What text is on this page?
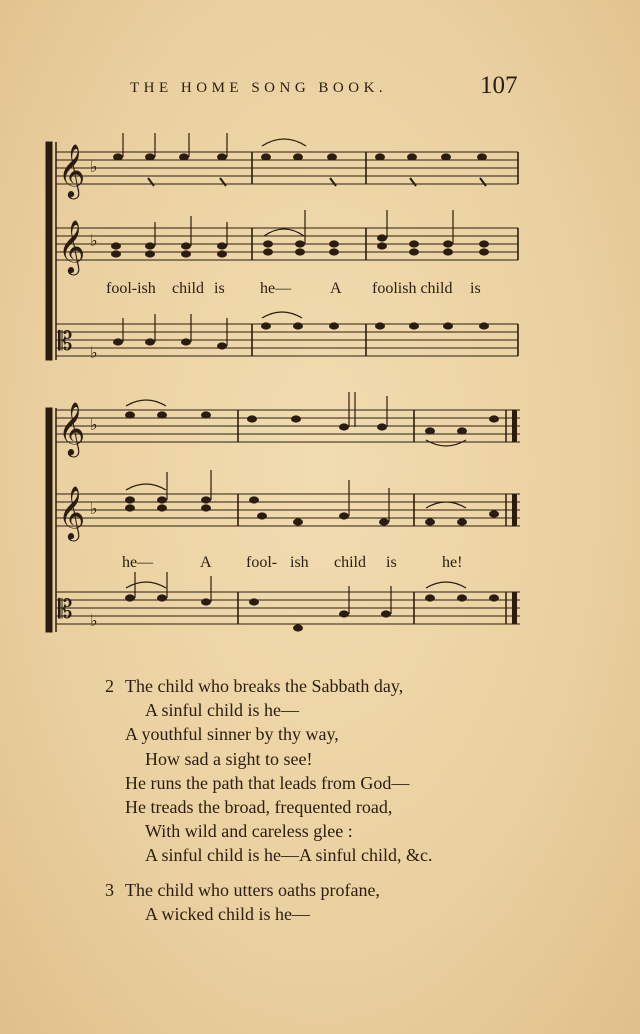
THE HOME SONG BOOK.	107
𝄞
𝄞
𝄡
♭
♭
♭
𝄞
𝄞
𝄡
♭
♭
♭
fool-ish child is he— A foolish child is
he—	A fool- ish child is	he!
2 The child who breaks the Sabbath day,
A sinful child is he—
A youthful sinner by thy way,
How sad a sight to see!
He runs the path that leads from God—
He treads the broad, frequented road,
With wild and careless glee :
A sinful child is he—A sinful child, &c.
3 The child who utters oaths profane,
A wicked child is he—
